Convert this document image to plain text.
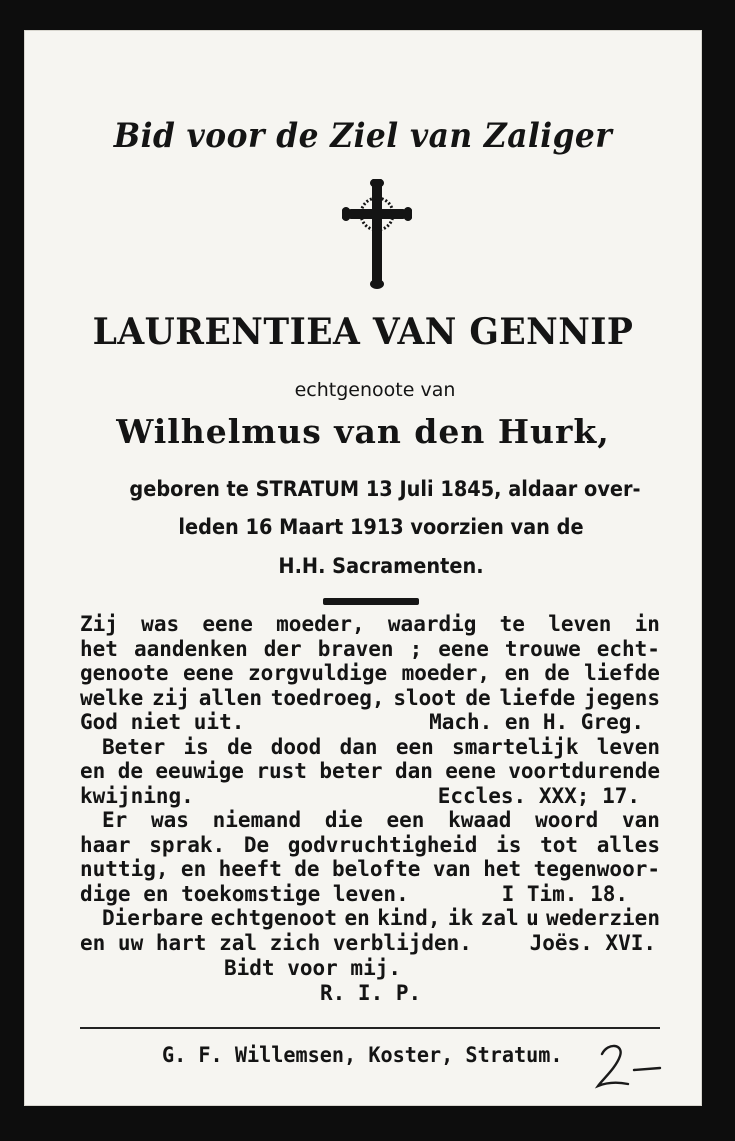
Bid voor de Ziel van Zaliger
LAURENTIEA VAN GENNIP
echtgenoote van
Wilhelmus van den Hurk,
geboren te STRATUM 13 Juli 1845, aldaar over-
leden 16 Maart 1913 voorzien van de
H.H. Sacramenten.
Zij was eene moeder, waardig te leven in
het aandenken der braven ; eene trouwe echt-
genoote eene zorgvuldige moeder, en de liefde
welke zij allen toedroeg, sloot de liefde jegens
God niet uit.	Mach. en H. Greg.
Beter is de dood dan een smartelijk leven
en de eeuwige rust beter dan eene voortdurende
kwijning.	Eccles. XXX; 17.
Er was niemand die een kwaad woord van
haar sprak. De godvruchtigheid is tot alles
nuttig, en heeft de belofte van het tegenwoor-
dige en toekomstige leven.	I Tim. 18.
Dierbare echtgenoot en kind, ik zal u wederzien
en uw hart zal zich verblijden.	Joës. XVI.
Bidt voor mij.
R. I. P.
G. F. Willemsen, Koster, Stratum.
